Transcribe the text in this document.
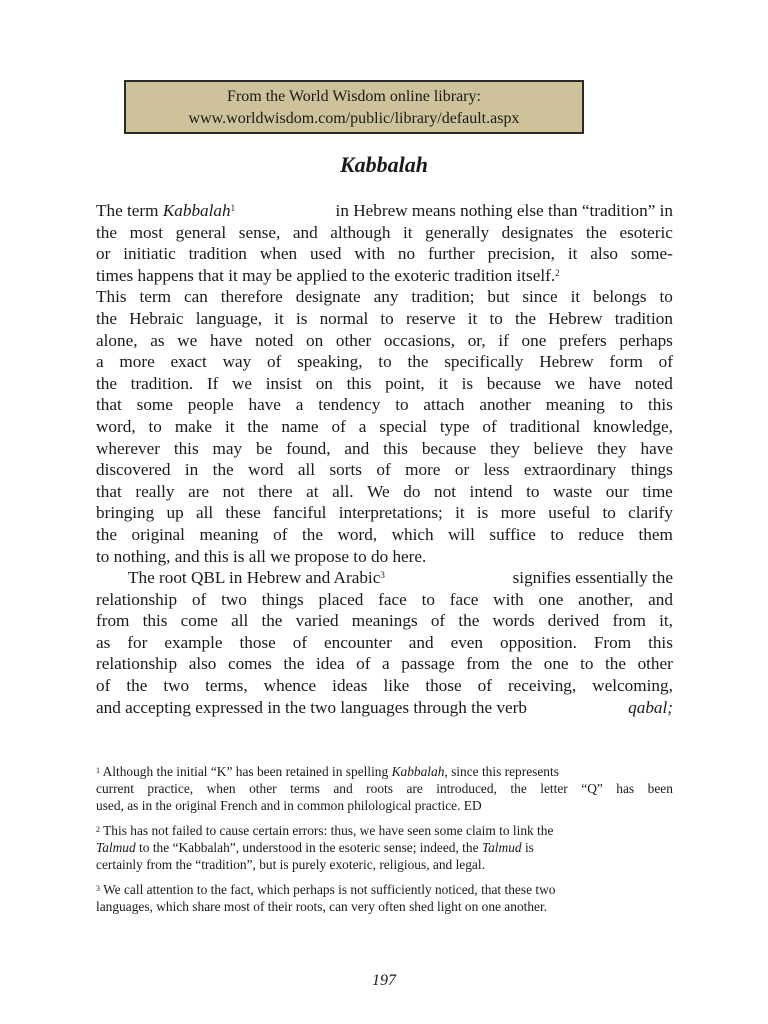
From the World Wisdom online library:
www.worldwisdom.com/public/library/default.aspx
Kabbalah
The term Kabbalah$^1$	in Hebrew means nothing else than “tradition” in
the most general sense, and although it generally designates the esoteric
or initiatic tradition when used with no further precision, it also some-
times happens that it may be applied to the exoteric tradition itself.$^2$
This term can therefore designate any tradition; but since it belongs to
the Hebraic language, it is normal to reserve it to the Hebrew tradition
alone, as we have noted on other occasions, or, if one prefers perhaps
a more exact way of speaking, to the specifically Hebrew form of
the tradition. If we insist on this point, it is because we have noted
that some people have a tendency to attach another meaning to this
word, to make it the name of a special type of traditional knowledge,
wherever this may be found, and this because they believe they have
discovered in the word all sorts of more or less extraordinary things
that really are not there at all. We do not intend to waste our time
bringing up all these fanciful interpretations; it is more useful to clarify
the original meaning of the word, which will suffice to reduce them
to nothing, and this is all we propose to do here.
The root QBL in Hebrew and Arabic$^3$	signifies essentially the
relationship of two things placed face to face with one another, and
from this come all the varied meanings of the words derived from it,
as for example those of encounter and even opposition. From this
relationship also comes the idea of a passage from the one to the other
of the two terms, whence ideas like those of receiving, welcoming,
and accepting expressed in the two languages through the verb	qabal;
$^1$ Although the initial “K” has been retained in spelling Kabbalah, since this represents
current practice, when other terms and roots are introduced, the letter “Q” has been
used, as in the original French and in common philological practice. ED
$^2$ This has not failed to cause certain errors: thus, we have seen some claim to link the
Talmud to the “Kabbalah”, understood in the esoteric sense; indeed, the Talmud is
certainly from the “tradition”, but is purely exoteric, religious, and legal.
$^3$ We call attention to the fact, which perhaps is not sufficiently noticed, that these two
languages, which share most of their roots, can very often shed light on one another.
197
